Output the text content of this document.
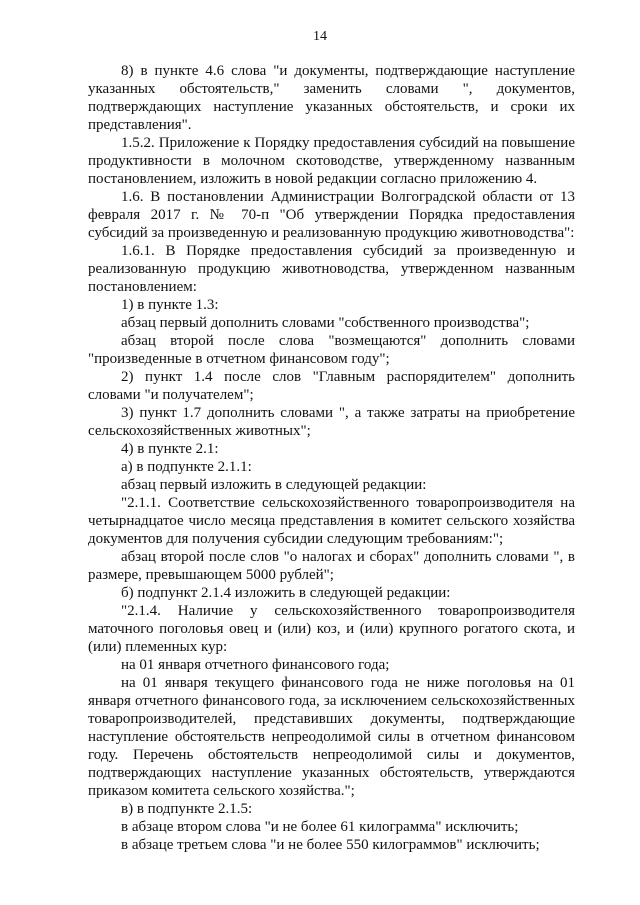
14

8) в пункте 4.6 слова "и документы, подтверждающие наступление указанных обстоятельств," заменить словами ", документов, подтверждающих наступление указанных обстоятельств, и сроки их представления".

1.5.2. Приложение к Порядку предоставления субсидий на повышение продуктивности в молочном скотоводстве, утвержденному названным постановлением, изложить в новой редакции согласно приложению 4.

1.6. В постановлении Администрации Волгоградской области от 13 февраля 2017 г. № 70-п "Об утверждении Порядка предоставления субсидий за произведенную и реализованную продукцию животноводства":

1.6.1. В Порядке предоставления субсидий за произведенную и реализованную продукцию животноводства, утвержденном названным постановлением:

1) в пункте 1.3:

абзац первый дополнить словами "собственного производства";

абзац второй после слова "возмещаются" дополнить словами "произведенные в отчетном финансовом году";

2) пункт 1.4 после слов "Главным распорядителем" дополнить словами "и получателем";

3) пункт 1.7 дополнить словами ", а также затраты на приобретение сельскохозяйственных животных";

4) в пункте 2.1:

а) в подпункте 2.1.1:

абзац первый изложить в следующей редакции:

"2.1.1. Соответствие сельскохозяйственного товаропроизводителя на четырнадцатое число месяца представления в комитет сельского хозяйства документов для получения субсидии следующим требованиям:";

абзац второй после слов "о налогах и сборах" дополнить словами ", в размере, превышающем 5000 рублей";

б) подпункт 2.1.4 изложить в следующей редакции:

"2.1.4. Наличие у сельскохозяйственного товаропроизводителя маточного поголовья овец и (или) коз, и (или) крупного рогатого скота, и (или) племенных кур:

на 01 января отчетного финансового года;

на 01 января текущего финансового года не ниже поголовья на 01 января отчетного финансового года, за исключением сельскохозяйственных товаропроизводителей, представивших документы, подтверждающие наступление обстоятельств непреодолимой силы в отчетном финансовом году. Перечень обстоятельств непреодолимой силы и документов, подтверждающих наступление указанных обстоятельств, утверждаются приказом комитета сельского хозяйства.";

в) в подпункте 2.1.5:

в абзаце втором слова "и не более 61 килограмма" исключить;

в абзаце третьем слова "и не более 550 килограммов" исключить;
